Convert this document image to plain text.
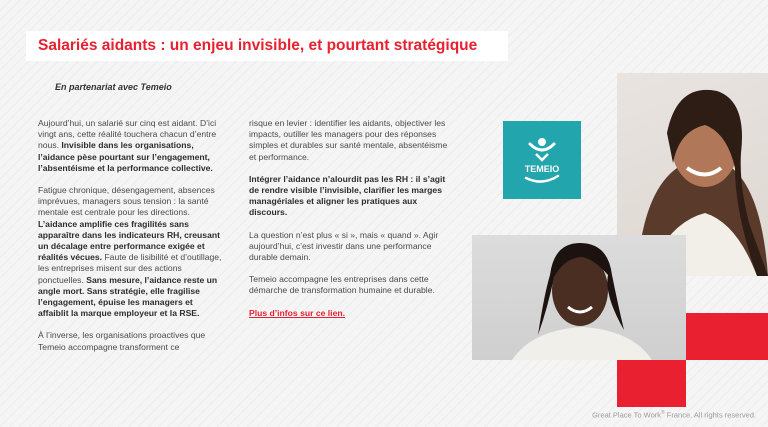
Salariés aidants : un enjeu invisible, et pourtant stratégique
En partenariat avec Temeio

Aujourd’hui, un salarié sur cinq est aidant. D’ici vingt ans, cette réalité touchera chacun d’entre nous. Invisible dans les organisations, l’aidance pèse pourtant sur l’engagement, l’absentéisme et la performance collective.

Fatigue chronique, désengagement, absences imprévues, managers sous tension : la santé mentale est centrale pour les directions. L’aidance amplifie ces fragilités sans apparaître dans les indicateurs RH, creusant un décalage entre performance exigée et réalités vécues. Faute de lisibilité et d’outillage, les entreprises misent sur des actions ponctuelles. Sans mesure, l’aidance reste un angle mort. Sans stratégie, elle fragilise l’engagement, épuise les managers et affaiblit la marque employeur et la RSE.

À l’inverse, les organisations proactives que Temeio accompagne transforment ce

risque en levier : identifier les aidants, objectiver les impacts, outiller les managers pour des réponses simples et durables sur santé mentale, absentéisme et performance.

Intégrer l’aidance n’alourdit pas les RH : il s’agit de rendre visible l’invisible, clarifier les marges managériales et aligner les pratiques aux discours.

La question n’est plus « si », mais « quand ». Agir aujourd’hui, c’est investir dans une performance durable demain.

Temeio accompagne les entreprises dans cette démarche de transformation humaine et durable.

Plus d’infos sur ce lien.

TEMEIO
Great Place To Work® France. All rights reserved.
